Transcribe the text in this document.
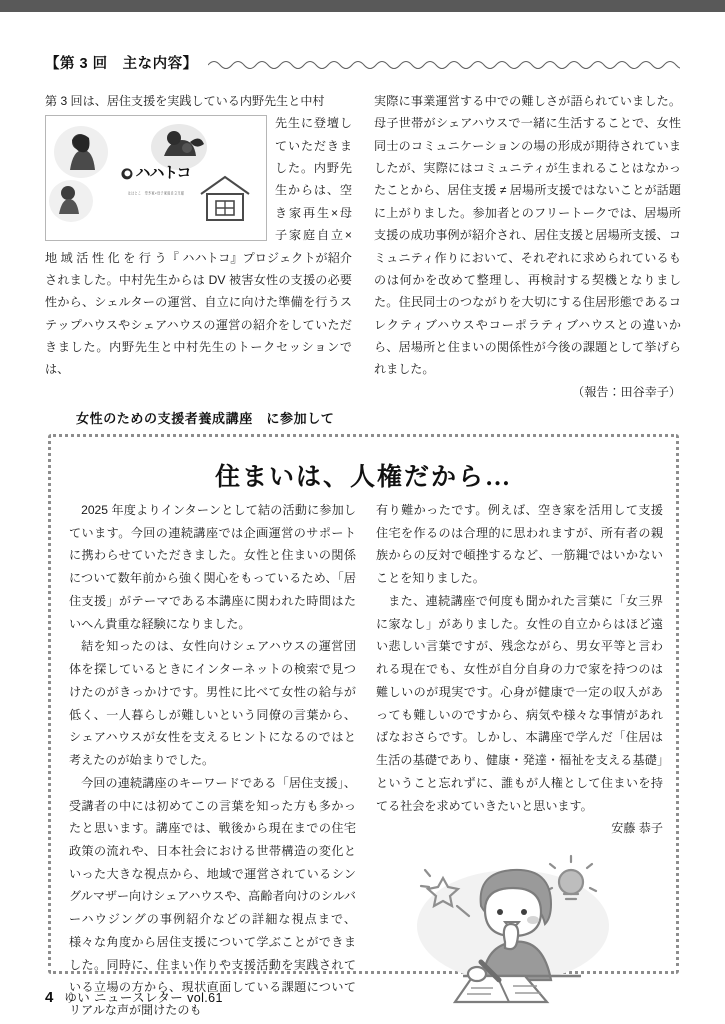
【第 3 回　主な内容】

第 3 回は、居住支援を実践している内野先生と中村

ハハトコ
ははとこ　空き家×母子家庭自立支援

先生に登壇していただきました。内野先生からは、空き家再生×母子家庭自立×地 域 活 性 化 を 行 う『 ハハトコ』プロジェクトが紹介されました。中村先生からは DV 被害女性の支援の必要性から、シェルターの運営、自立に向けた準備を行うステップハウスやシェアハウスの運営の紹介をしていただきました。内野先生と中村先生のトークセッションでは、

実際に事業運営する中での難しさが語られていました。母子世帯がシェアハウスで一緒に生活することで、女性同士のコミュニケーションの場の形成が期待されていましたが、実際にはコミュニティが生まれることはなかったことから、居住支援 ≠ 居場所支援ではないことが話題に上がりました。参加者とのフリートークでは、居場所支援の成功事例が紹介され、居住支援と居場所支援、コミュニティ作りにおいて、それぞれに求められているものは何かを改めて整理し、再検討する契機となりました。住民同士のつながりを大切にする住居形態であるコレクティブハウスやコーポラティブハウスとの違いから、居場所と住まいの関係性が今後の課題として挙げられました。

（報告：田谷幸子）
女性のための支援者養成講座　に参加して
住まいは、人権だから…

2025 年度よりインターンとして結の活動に参加しています。今回の連続講座では企画運営のサポートに携わらせていただきました。女性と住まいの関係について数年前から強く関心をもっているため、「居住支援」がテーマである本講座に関われた時間はたいへん貴重な経験になりました。

結を知ったのは、女性向けシェアハウスの運営団体を探しているときにインターネットの検索で見つけたのがきっかけです。男性に比べて女性の給与が低く、一人暮らしが難しいという同僚の言葉から、シェアハウスが女性を支えるヒントになるのではと考えたのが始まりでした。

今回の連続講座のキーワードである「居住支援」、受講者の中には初めてこの言葉を知った方も多かったと思います。講座では、戦後から現在までの住宅政策の流れや、日本社会における世帯構造の変化といった大きな視点から、地域で運営されているシングルマザー向けシェアハウスや、高齢者向けのシルバーハウジングの事例紹介などの詳細な視点まで、様々な角度から居住支援について学ぶことができました。同時に、住まい作りや支援活動を実践されている立場の方から、現状直面している課題についてリアルな声が聞けたのも

有り難かったです。例えば、空き家を活用して支援住宅を作るのは合理的に思われますが、所有者の親族からの反対で頓挫するなど、一筋縄ではいかないことを知りました。

また、連続講座で何度も聞かれた言葉に「女三界に家なし」がありました。女性の自立からはほど遠い悲しい言葉ですが、残念ながら、男女平等と言われる現在でも、女性が自分自身の力で家を持つのは難しいのが現実です。心身が健康で一定の収入があっても難しいのですから、病気や様々な事情があればなおさらです。しかし、本講座で学んだ「住居は生活の基礎であり、健康・発達・福祉を支える基礎」ということ忘れずに、誰もが人権として住まいを持てる社会を求めていきたいと思います。

安藤 恭子
4 ゆい ニュースレター vol.61
